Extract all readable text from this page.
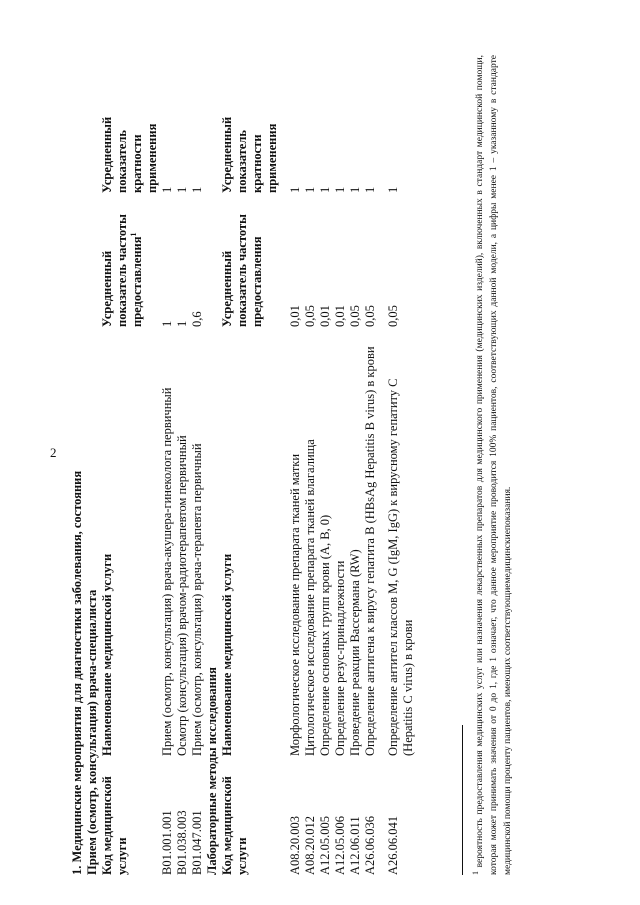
2
1. Медицинские мероприятия для диагностики заболевания, состояния Прием (осмотр, консультация) врача-специалиста Код медицинской услуги	Наименование медицинской услуги	Усредненный показатель частоты предоставления$^1$	Усредненный показатель кратности применения
B01.001.001	Прием (осмотр, консультация) врача-акушера-гинеколога первичный	1	1
B01.038.003	Осмотр (консультация) врачом-радиотерапевтом первичный	1	1
B01.047.001	Прием (осмотр, консультация) врача-терапевта первичный	0,6	1
Лабораторные методы исследования Код медицинской услуги	Наименование медицинской услуги	Усредненный показатель частоты предоставления	Усредненный показатель кратности применения

A08.20.003	Морфологическое исследование препарата тканей матки	0,01	1
A08.20.012	Цитологическое исследование препарата тканей влагалища	0,05	1
A12.05.005	Определение основных групп крови (A, B, 0)	0,01	1
A12.05.006	Определение резус-принадлежности	0,01	1
A12.06.011	Проведение реакции Вассермана (RW)	0,05	1
A26.06.036	Определение антигена к вирусу гепатита B (HBsAg Hepatitis B virus) в крови	0,05	1

A26.06.041	Определение антител классов M, G (IgM, IgG) к вирусному гепатиту C (Hepatitis C virus) в крови	0,05	1
$^1$ вероятность предоставления медицинских услуг или назначения лекарственных препаратов для медицинского применения (медицинских изделий), включенных в стандарт медицинской помощи, которая может принимать значения от 0 до 1, где 1 означает, что данное мероприятие проводится 100% пациентов, соответствующих данной модели, а цифры менее 1 – указанному в стандарте медицинской помощи проценту пациентов, имеющих соответствующиемедицинскиепоказания.
